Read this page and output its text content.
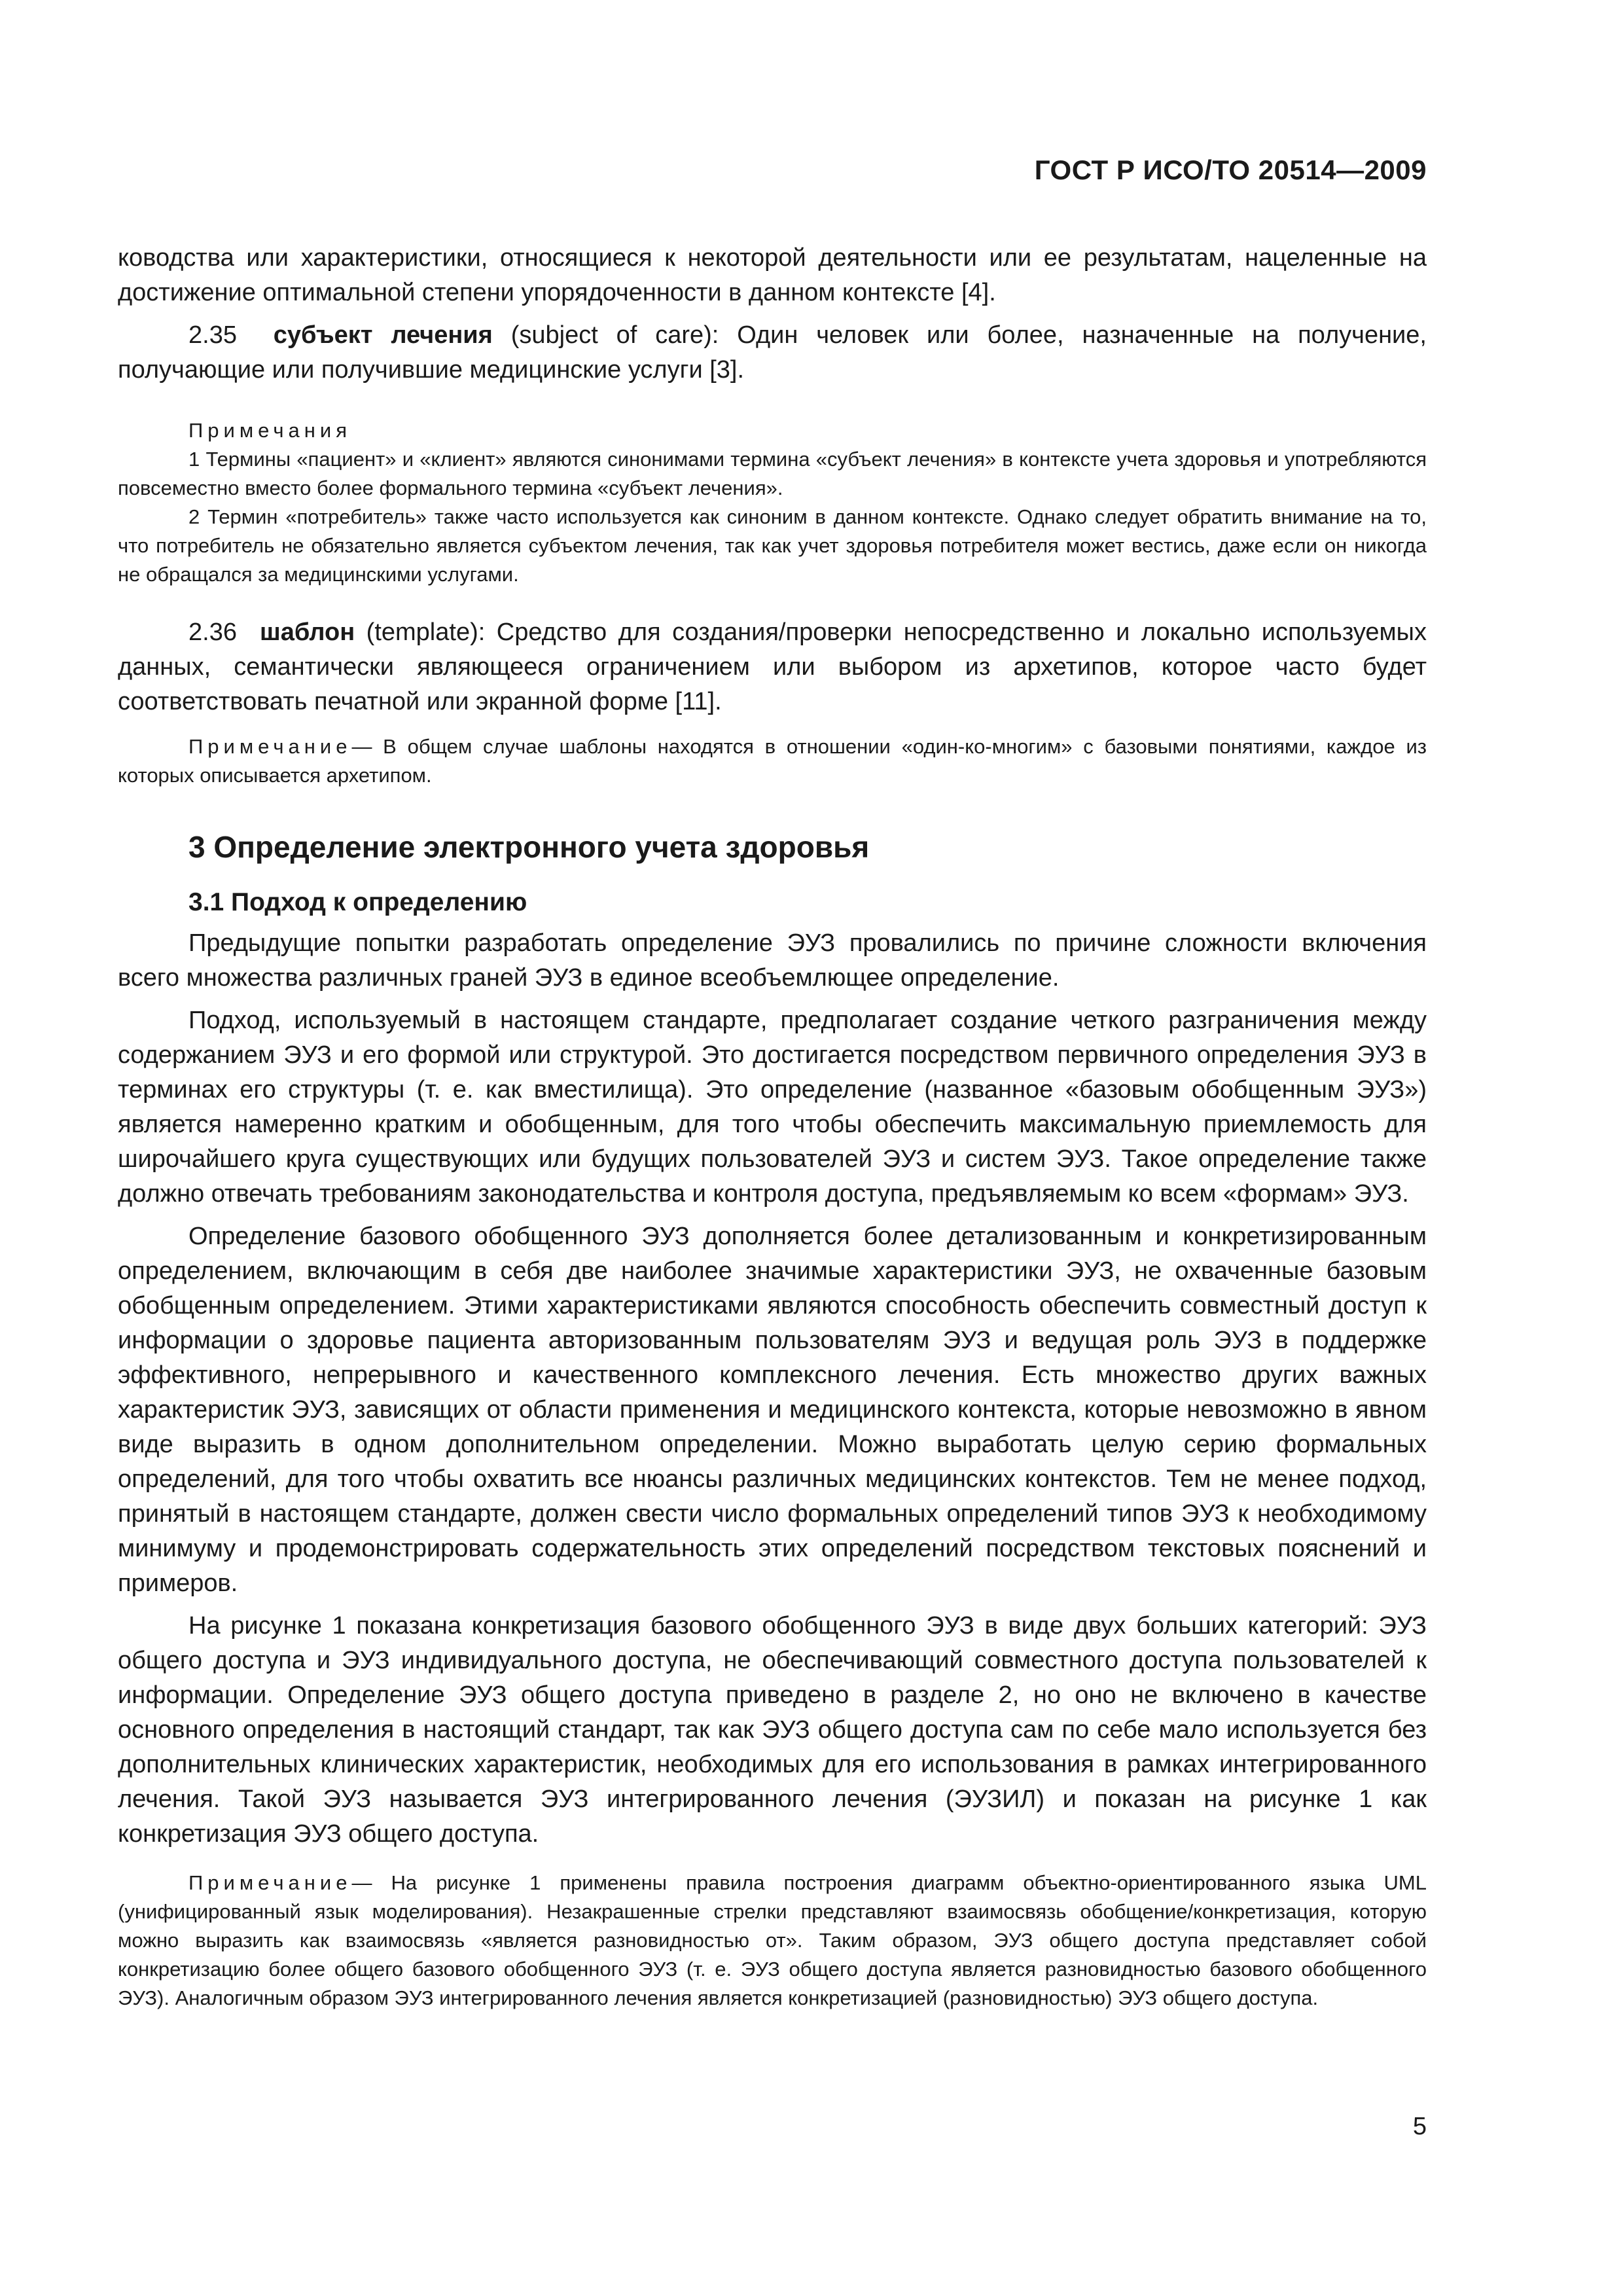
ГОСТ Р ИСО/ТО 20514—2009

ководства или характеристики, относящиеся к некоторой деятельности или ее результатам, нацеленные на достижение оптимальной степени упорядоченности в данном контексте [4].

2.35 субъект лечения (subject of care): Один человек или более, назначенные на получение, получающие или получившие медицинские услуги [3].

Примечания

1 Термины «пациент» и «клиент» являются синонимами термина «субъект лечения» в контексте учета здоровья и употребляются повсеместно вместо более формального термина «субъект лечения».

2 Термин «потребитель» также часто используется как синоним в данном контексте. Однако следует обратить внимание на то, что потребитель не обязательно является субъектом лечения, так как учет здоровья потребителя может вестись, даже если он никогда не обращался за медицинскими услугами.

2.36 шаблон (template): Средство для создания/проверки непосредственно и локально используемых данных, семантически являющееся ограничением или выбором из архетипов, которое часто будет соответствовать печатной или экранной форме [11].

Примечание— В общем случае шаблоны находятся в отношении «один-ко-многим» с базовыми понятиями, каждое из которых описывается архетипом.

3 Определение электронного учета здоровья
3.1 Подход к определению

Предыдущие попытки разработать определение ЭУЗ провалились по причине сложности включения всего множества различных граней ЭУЗ в единое всеобъемлющее определение.

Подход, используемый в настоящем стандарте, предполагает создание четкого разграничения между содержанием ЭУЗ и его формой или структурой. Это достигается посредством первичного определения ЭУЗ в терминах его структуры (т. е. как вместилища). Это определение (названное «базовым обобщенным ЭУЗ») является намеренно кратким и обобщенным, для того чтобы обеспечить максимальную приемлемость для широчайшего круга существующих или будущих пользователей ЭУЗ и систем ЭУЗ. Такое определение также должно отвечать требованиям законодательства и контроля доступа, предъявляемым ко всем «формам» ЭУЗ.

Определение базового обобщенного ЭУЗ дополняется более детализованным и конкретизированным определением, включающим в себя две наиболее значимые характеристики ЭУЗ, не охваченные базовым обобщенным определением. Этими характеристиками являются способность обеспечить совместный доступ к информации о здоровье пациента авторизованным пользователям ЭУЗ и ведущая роль ЭУЗ в поддержке эффективного, непрерывного и качественного комплексного лечения. Есть множество других важных характеристик ЭУЗ, зависящих от области применения и медицинского контекста, которые невозможно в явном виде выразить в одном дополнительном определении. Можно выработать целую серию формальных определений, для того чтобы охватить все нюансы различных медицинских контекстов. Тем не менее подход, принятый в настоящем стандарте, должен свести число формальных определений типов ЭУЗ к необходимому минимуму и продемонстрировать содержательность этих определений посредством текстовых пояснений и примеров.

На рисунке 1 показана конкретизация базового обобщенного ЭУЗ в виде двух больших категорий: ЭУЗ общего доступа и ЭУЗ индивидуального доступа, не обеспечивающий совместного доступа пользователей к информации. Определение ЭУЗ общего доступа приведено в разделе 2, но оно не включено в качестве основного определения в настоящий стандарт, так как ЭУЗ общего доступа сам по себе мало используется без дополнительных клинических характеристик, необходимых для его использования в рамках интегрированного лечения. Такой ЭУЗ называется ЭУЗ интегрированного лечения (ЭУЗИЛ) и показан на рисунке 1 как конкретизация ЭУЗ общего доступа.

Примечание— На рисунке 1 применены правила построения диаграмм объектно-ориентированного языка UML (унифицированный язык моделирования). Незакрашенные стрелки представляют взаимосвязь обобщение/конкретизация, которую можно выразить как взаимосвязь «является разновидностью от». Таким образом, ЭУЗ общего доступа представляет собой конкретизацию более общего базового обобщенного ЭУЗ (т. е. ЭУЗ общего доступа является разновидностью базового обобщенного ЭУЗ). Аналогичным образом ЭУЗ интегрированного лечения является конкретизацией (разновидностью) ЭУЗ общего доступа.

5
